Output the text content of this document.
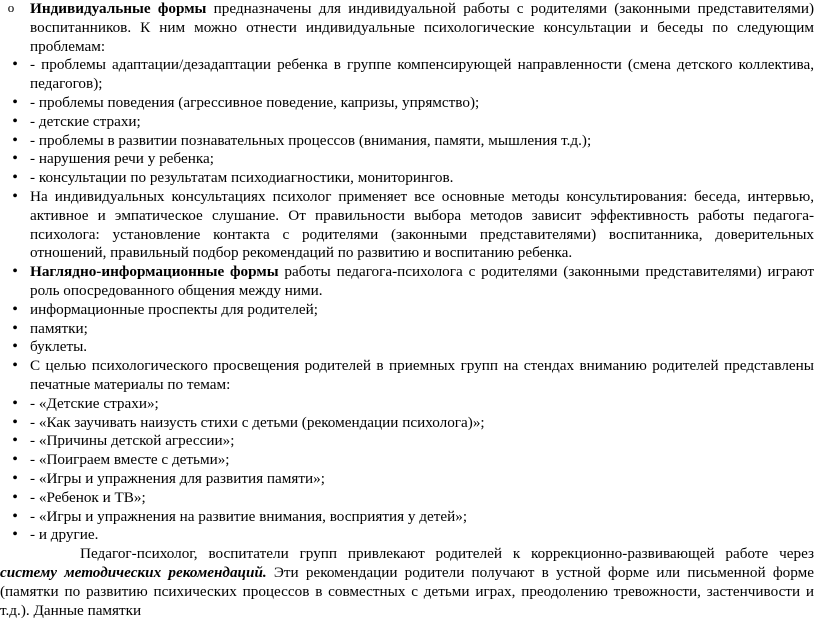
o Индивидуальные формы предназначены для индивидуальной работы с родителями (законными представителями) воспитанников. К ним можно отнести индивидуальные психологические консультации и беседы по следующим проблемам:
• - проблемы адаптации/дезадаптации ребенка в группе компенсирующей направленности (смена детского коллектива, педагогов);
• - проблемы поведения (агрессивное поведение, капризы, упрямство);
• - детские страхи;
• - проблемы в развитии познавательных процессов (внимания, памяти, мышления т.д.);
• - нарушения речи у ребенка;
• - консультации по результатам психодиагностики, мониторингов.
• На индивидуальных консультациях психолог применяет все основные методы консультирования: беседа, интервью, активное и эмпатическое слушание. От правильности выбора методов зависит эффективность работы педагога-психолога: установление контакта с родителями (законными представителями) воспитанника, доверительных отношений, правильный подбор рекомендаций по развитию и воспитанию ребенка.
• Наглядно-информационные формы работы педагога-психолога с родителями (законными представителями) играют роль опосредованного общения между ними.
• информационные проспекты для родителей;
• памятки;
• буклеты.
• С целью психологического просвещения родителей в приемных групп на стендах вниманию родителей представлены печатные материалы по темам:
• - «Детские страхи»;
• - «Как заучивать наизусть стихи с детьми (рекомендации психолога)»;
• - «Причины детской агрессии»;
• - «Поиграем вместе с детьми»;
• - «Игры и упражнения для развития памяти»;
• - «Ребенок и ТВ»;
• - «Игры и упражнения на развитие внимания, восприятия у детей»;
• - и другие.
Педагог-психолог, воспитатели групп привлекают родителей к коррекционно-развивающей работе через систему методических рекомендаций. Эти рекомендации родители получают в устной форме или письменной форме (памятки по развитию психических процессов в совместных с детьми играх, преодолению тревожности, застенчивости и т.д.). Данные памятки
